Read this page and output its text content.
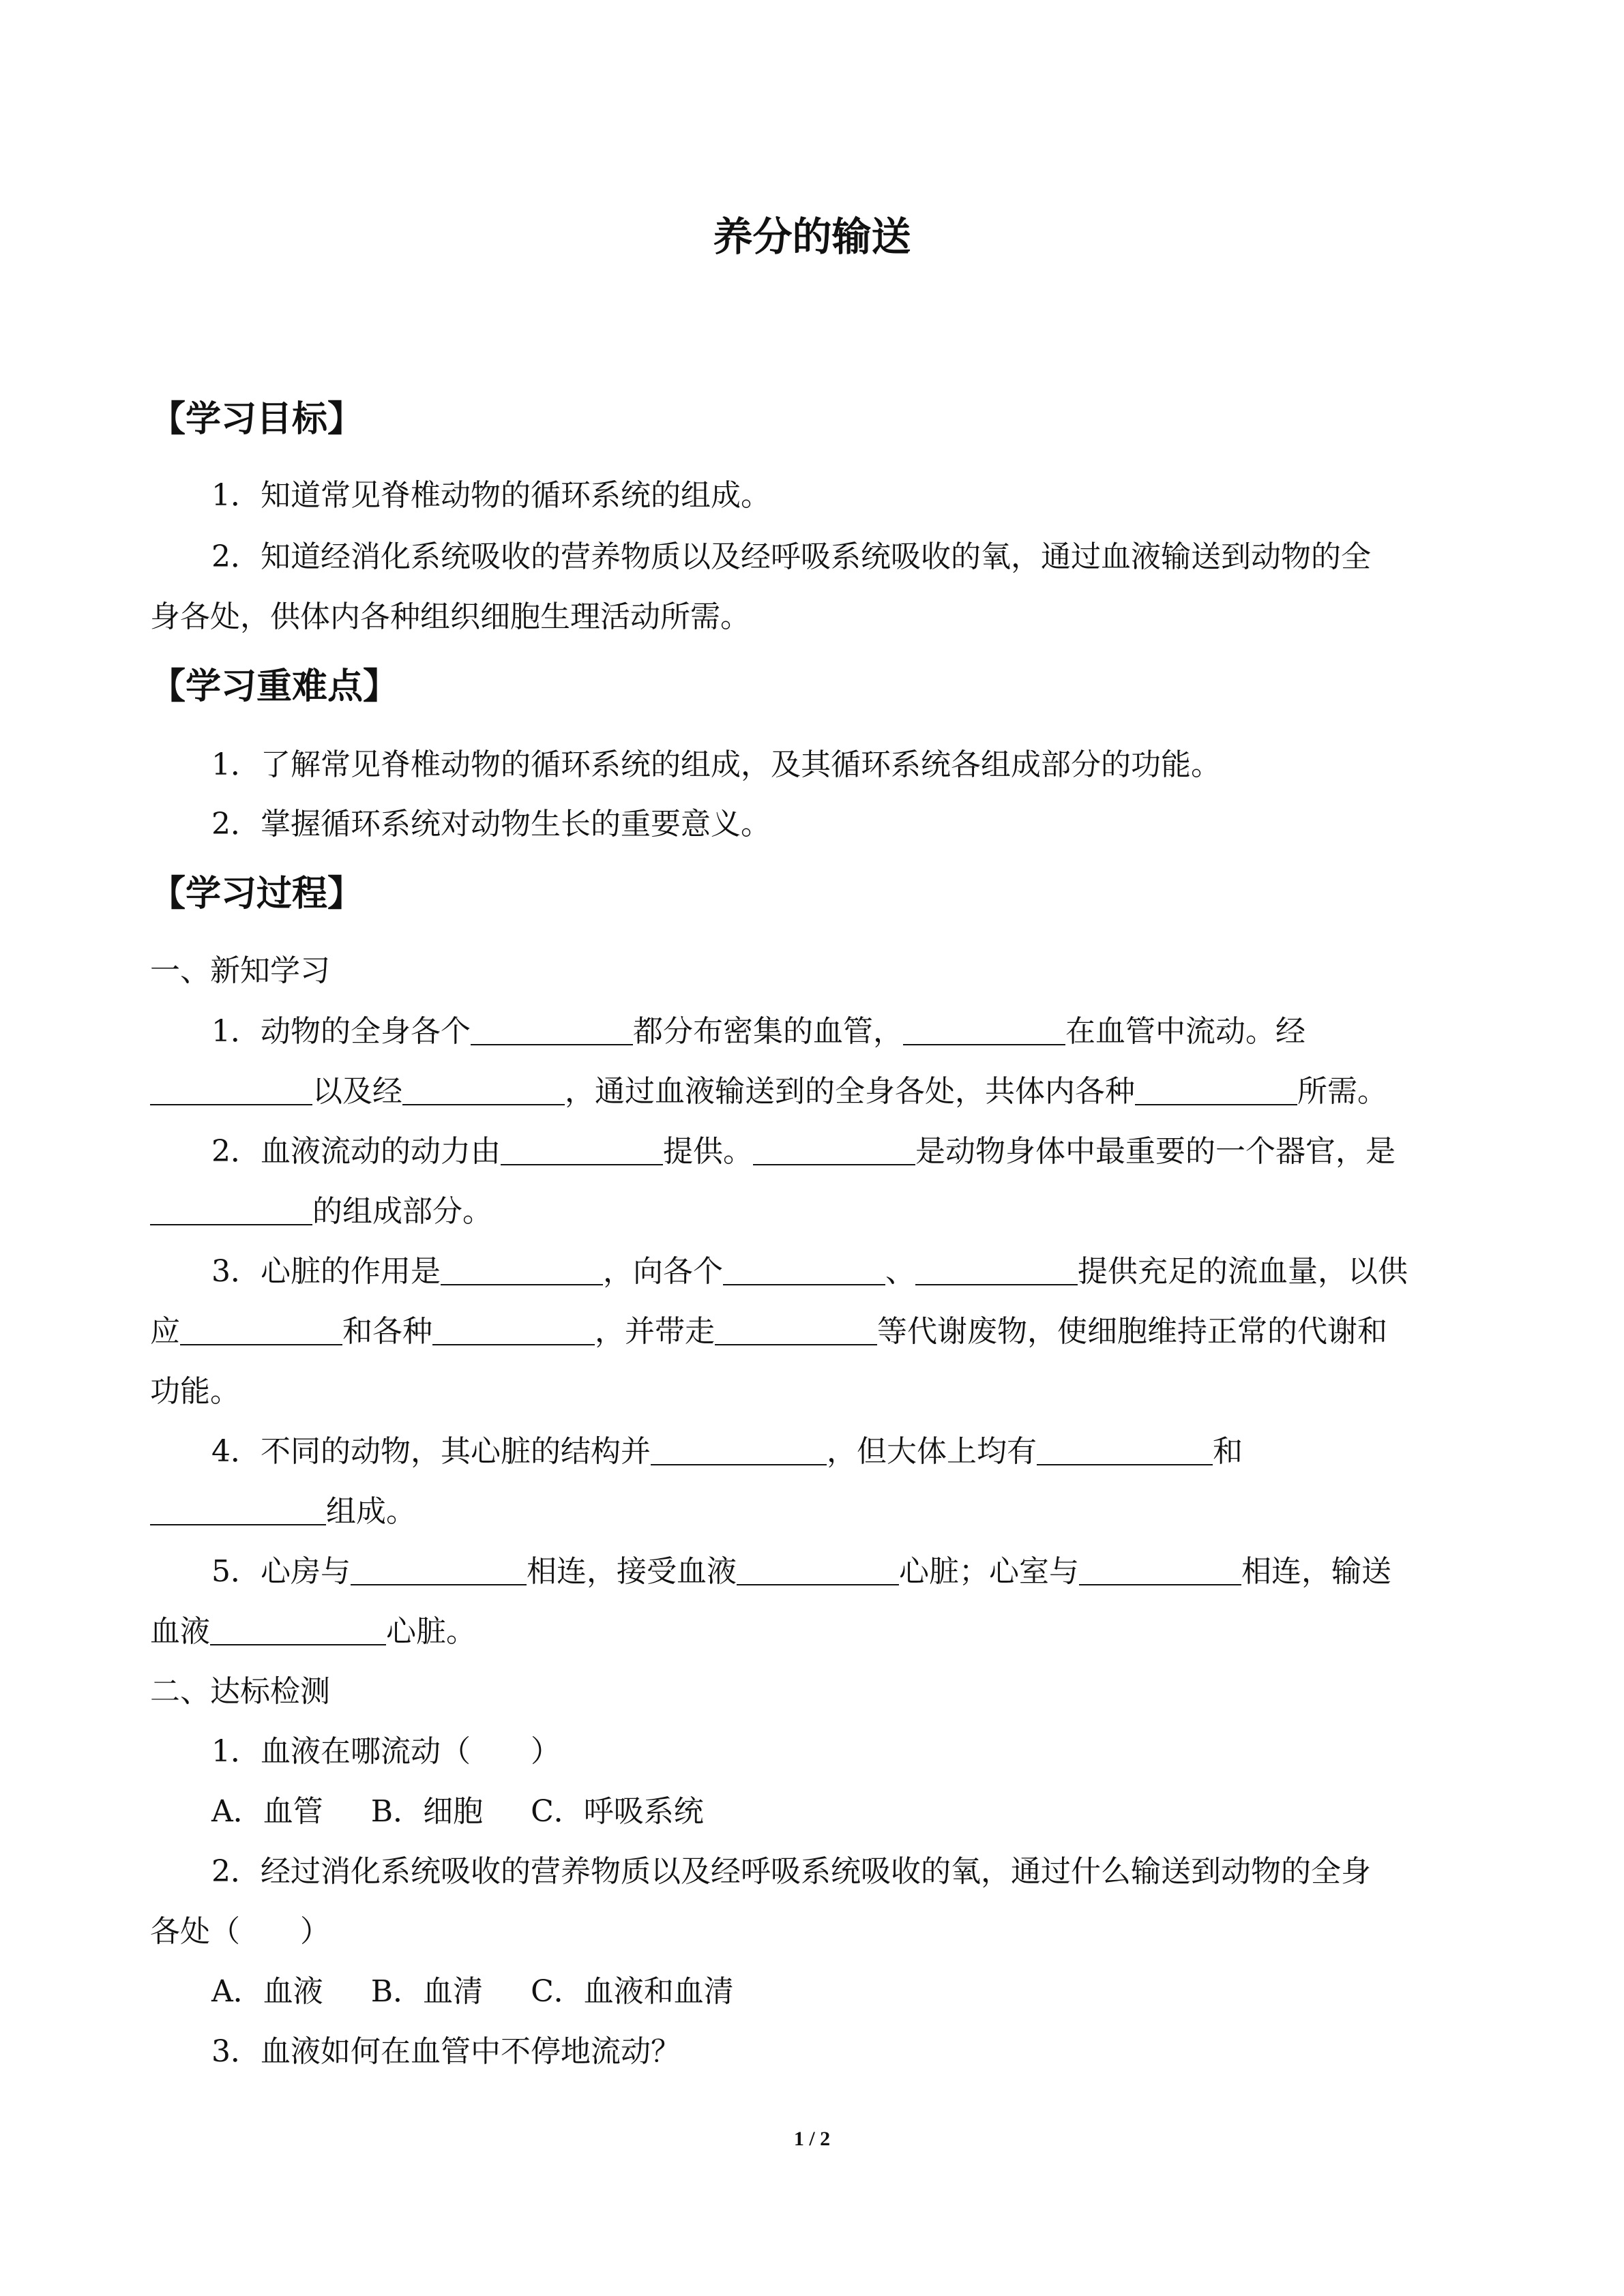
养分的输送
【学习目标】

1．知道常见脊椎动物的循环系统的组成。

2．知道经消化系统吸收的营养物质以及经呼吸系统吸收的氧，通过血液输送到动物的全

身各处，供体内各种组织细胞生理活动所需。

【学习重难点】

1．了解常见脊椎动物的循环系统的组成，及其循环系统各组成部分的功能。

2．掌握循环系统对动物生长的重要意义。

【学习过程】

一、新知学习

1．动物的全身各个	都分布密集的血管，	在血管中流动。经

以及经	，通过血液输送到的全身各处，共体内各种	所需。

2．血液流动的动力由	提供。	是动物身体中最重要的一个器官，是

的组成部分。

3．心脏的作用是	，向各个	、	提供充足的流血量，以供

应	和各种	，并带走	等代谢废物，使细胞维持正常的代谢和

功能。

4．不同的动物，其心脏的结构并	，但大体上均有	和

组成。

5．心房与	相连，接受血液	心脏；心室与	相连，输送

血液	心脏。

二、达标检测

1．血液在哪流动（　　）

A．血管 B．细胞 C．呼吸系统

2．经过消化系统吸收的营养物质以及经呼吸系统吸收的氧，通过什么输送到动物的全身

各处（　　）

A．血液 B．血清 C．血液和血清

3．血液如何在血管中不停地流动？

1 / 2
